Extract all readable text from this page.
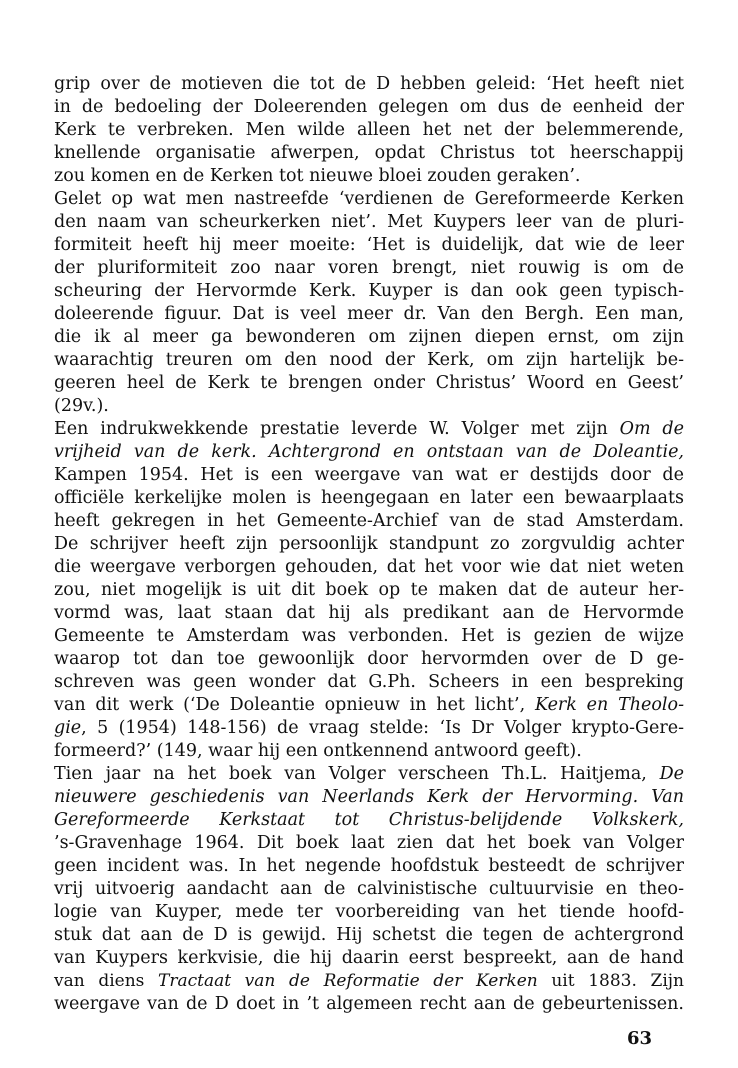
grip over de motieven die tot de D hebben geleid: ‘Het heeft niet
in de bedoeling der Doleerenden gelegen om dus de eenheid der
Kerk te verbreken. Men wilde alleen het net der belemmerende,
knellende organisatie afwerpen, opdat Christus tot heerschappij
zou komen en de Kerken tot nieuwe bloei zouden geraken’.
Gelet op wat men nastreefde ‘verdienen de Gereformeerde Kerken
den naam van scheurkerken niet’. Met Kuypers leer van de pluri-
formiteit heeft hij meer moeite: ‘Het is duidelijk, dat wie de leer
der pluriformiteit zoo naar voren brengt, niet rouwig is om de
scheuring der Hervormde Kerk. Kuyper is dan ook geen typisch-
doleerende figuur. Dat is veel meer dr. Van den Bergh. Een man,
die ik al meer ga bewonderen om zijnen diepen ernst, om zijn
waarachtig treuren om den nood der Kerk, om zijn hartelijk be-
geeren heel de Kerk te brengen onder Christus’ Woord en Geest’
(29v.).
Een indrukwekkende prestatie leverde W. Volger met zijn Om de
vrijheid van de kerk. Achtergrond en ontstaan van de Doleantie,
Kampen 1954. Het is een weergave van wat er destijds door de
officiële kerkelijke molen is heengegaan en later een bewaarplaats
heeft gekregen in het Gemeente-Archief van de stad Amsterdam.
De schrijver heeft zijn persoonlijk standpunt zo zorgvuldig achter
die weergave verborgen gehouden, dat het voor wie dat niet weten
zou, niet mogelijk is uit dit boek op te maken dat de auteur her-
vormd was, laat staan dat hij als predikant aan de Hervormde
Gemeente te Amsterdam was verbonden. Het is gezien de wijze
waarop tot dan toe gewoonlijk door hervormden over de D ge-
schreven was geen wonder dat G.Ph. Scheers in een bespreking
van dit werk (‘De Doleantie opnieuw in het licht’, Kerk en Theolo-
gie, 5 (1954) 148-156) de vraag stelde: ‘Is Dr Volger krypto-Gere-
formeerd?’ (149, waar hij een ontkennend antwoord geeft).
Tien jaar na het boek van Volger verscheen Th.L. Haitjema, De
nieuwere geschiedenis van Neerlands Kerk der Hervorming. Van
Gereformeerde Kerkstaat tot Christus-belijdende Volkskerk,
’s-Gravenhage 1964. Dit boek laat zien dat het boek van Volger
geen incident was. In het negende hoofdstuk besteedt de schrijver
vrij uitvoerig aandacht aan de calvinistische cultuurvisie en theo-
logie van Kuyper, mede ter voorbereiding van het tiende hoofd-
stuk dat aan de D is gewijd. Hij schetst die tegen de achtergrond
van Kuypers kerkvisie, die hij daarin eerst bespreekt, aan de hand
van diens Tractaat van de Reformatie der Kerken uit 1883. Zijn
weergave van de D doet in ’t algemeen recht aan de gebeurtenissen.
63
